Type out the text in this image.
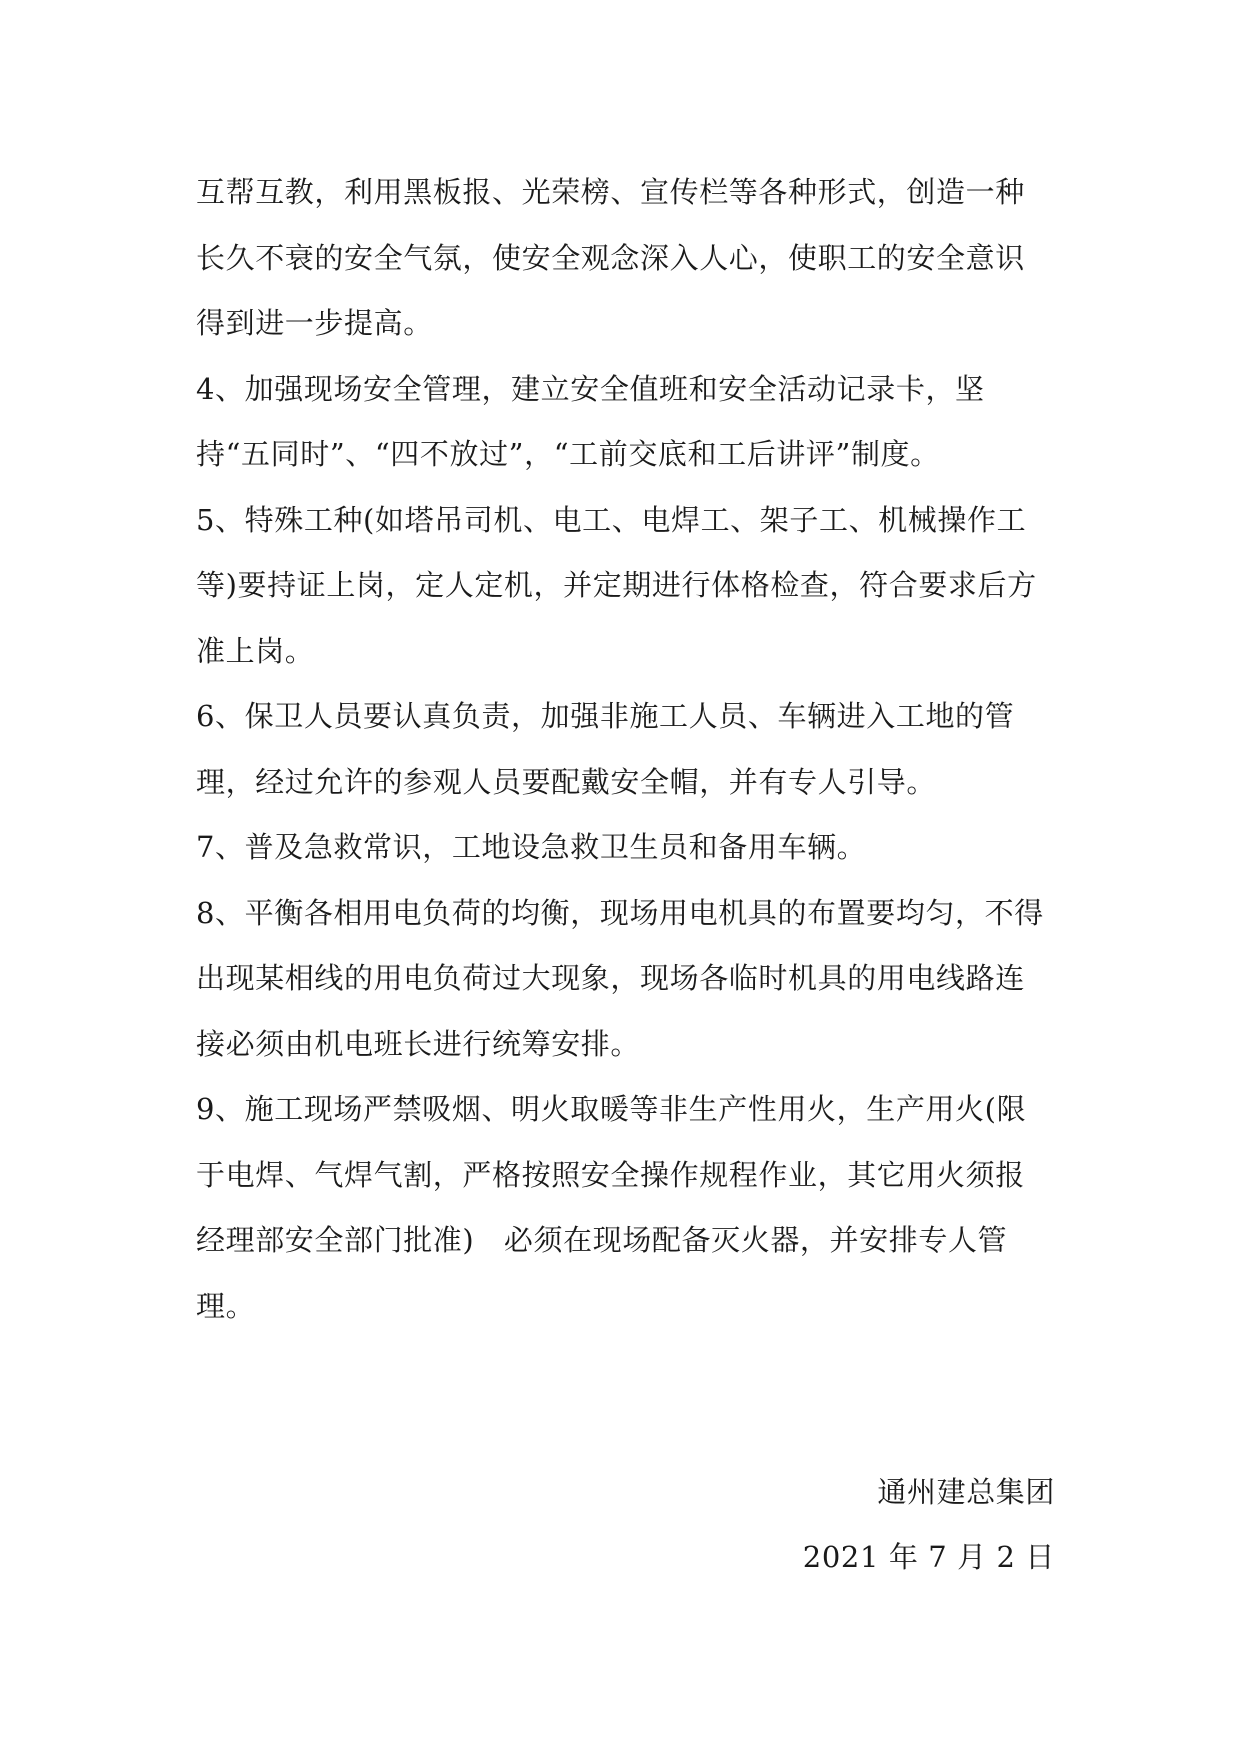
互帮互教，利用黑板报、光荣榜、宣传栏等各种形式，创造一种长久不衰的安全气氛，使安全观念深入人心，使职工的安全意识得到进一步提高。

4、加强现场安全管理，建立安全值班和安全活动记录卡，坚持“五同时”、“四不放过”，“工前交底和工后讲评”制度。

5、特殊工种(如塔吊司机、电工、电焊工、架子工、机械操作工等)要持证上岗，定人定机，并定期进行体格检查，符合要求后方准上岗。

6、保卫人员要认真负责，加强非施工人员、车辆进入工地的管理，经过允许的参观人员要配戴安全帽，并有专人引导。

7、普及急救常识，工地设急救卫生员和备用车辆。

8、平衡各相用电负荷的均衡，现场用电机具的布置要均匀，不得出现某相线的用电负荷过大现象，现场各临时机具的用电线路连接必须由机电班长进行统筹安排。

9、施工现场严禁吸烟、明火取暖等非生产性用火，生产用火(限于电焊、气焊气割，严格按照安全操作规程作业，其它用火须报经理部安全部门批准)　必须在现场配备灭火器，并安排专人管理。

通州建总集团
2021 年 7 月 2 日
